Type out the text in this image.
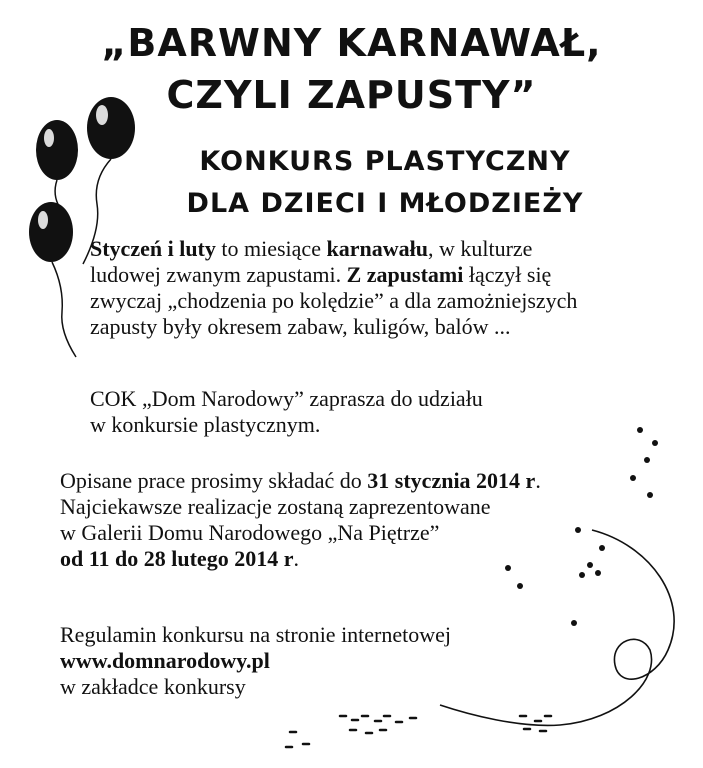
„BARWNY KARNAWAŁ,
CZYLI ZAPUSTY”
KONKURS PLASTYCZNY
DLA DZIECI I MŁODZIEŻY
Styczeń i luty to miesiące karnawału, w kulturze
ludowej zwanym zapustami. Z zapustami łączył się
zwyczaj „chodzenia po kolędzie” a dla zamożniejszych
zapusty były okresem zabaw, kuligów, balów ...
COK „Dom Narodowy” zaprasza do udziału
w konkursie plastycznym.
Opisane prace prosimy składać do 31 stycznia 2014 r.
Najciekawsze realizacje zostaną zaprezentowane
w Galerii Domu Narodowego „Na Piętrze”
od 11 do 28 lutego 2014 r.
Regulamin konkursu na stronie internetowej
www.domnarodowy.pl
w zakładce konkursy
